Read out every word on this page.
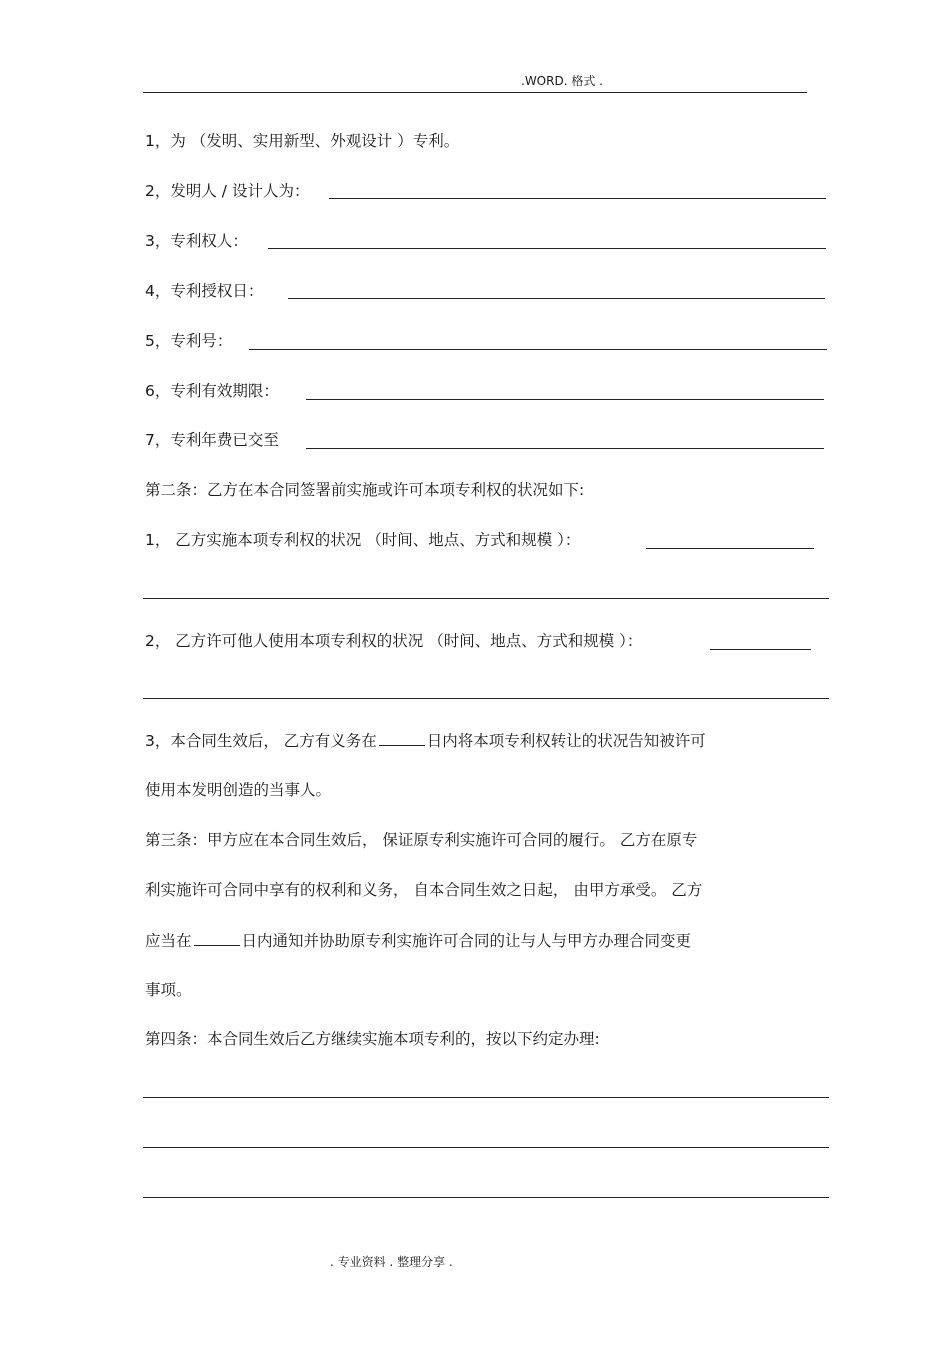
.WORD. 格式 .
1，为 （发明、实用新型、外观设计 ）专利。
2，发明人 / 设计人为：
3，专利权人：
4，专利授权日：
5，专利号：
6，专利有效期限：
7，专利年费已交至
第二条：乙方在本合同签署前实施或许可本项专利权的状况如下:
1， 乙方实施本项专利权的状况 （时间、地点、方式和规模 ）：
2， 乙方许可他人使用本项专利权的状况 （时间、地点、方式和规模 ）：
3，本合同生效后， 乙方有义务在	日内将本项专利权转让的状况告知被许可
使用本发明创造的当事人。
第三条：甲方应在本合同生效后， 保证原专利实施许可合同的履行。 乙方在原专
利实施许可合同中享有的权利和义务， 自本合同生效之日起， 由甲方承受。 乙方
应当在	日内通知并协助原专利实施许可合同的让与人与甲方办理合同变更
事项。
第四条：本合同生效后乙方继续实施本项专利的，按以下约定办理:
. 专业资料 . 整理分享 .
